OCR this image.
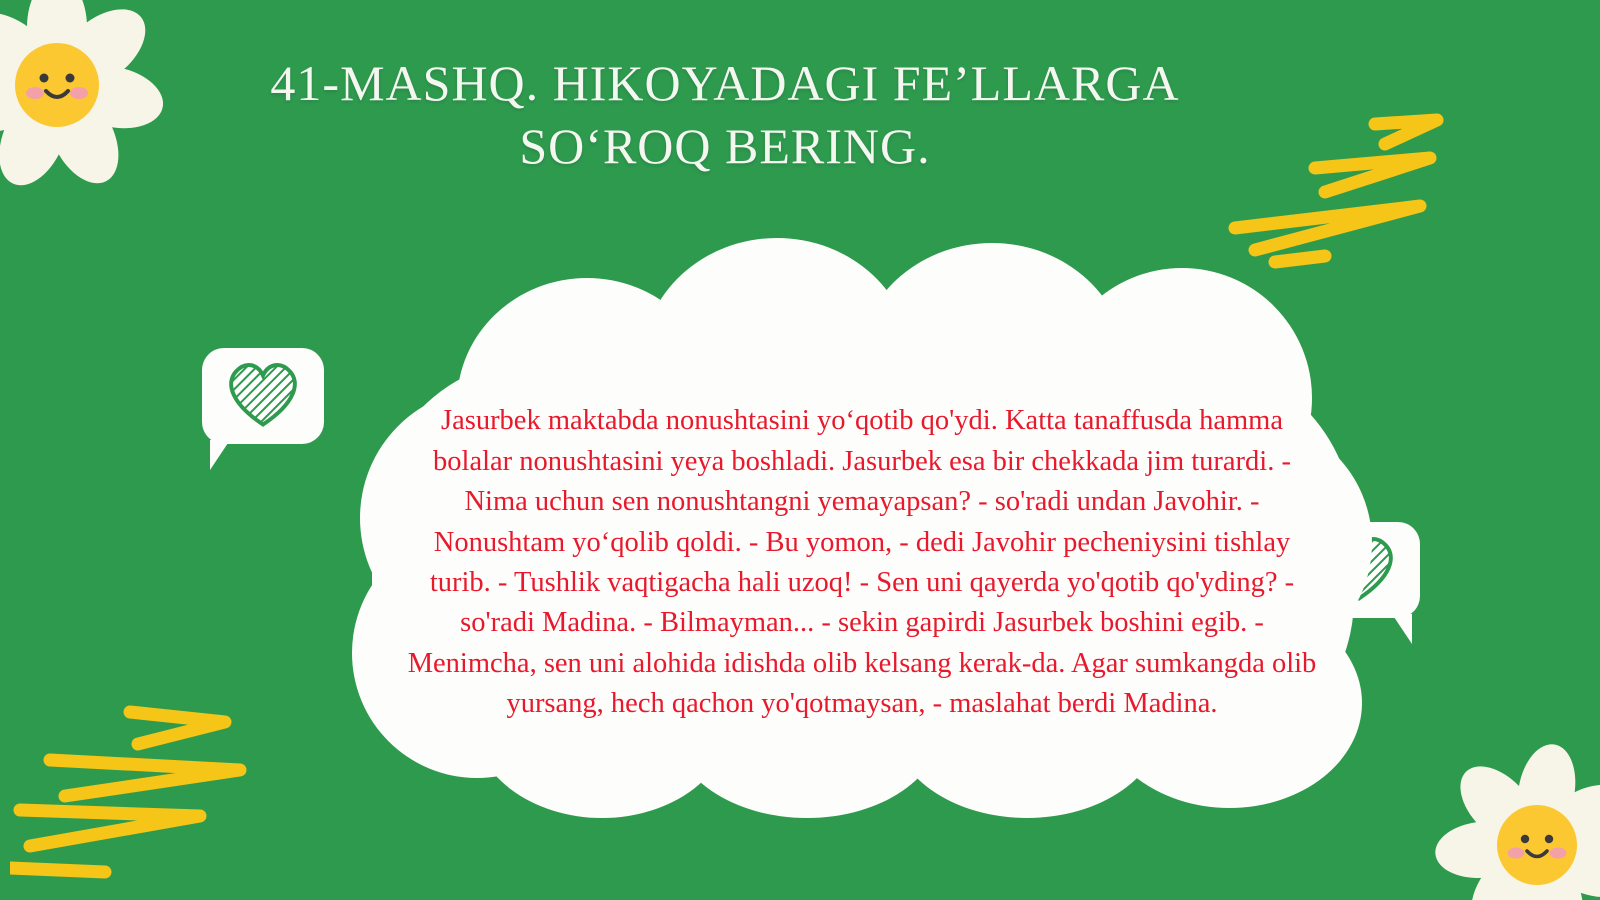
41-MASHQ. HIKOYADAGI FE’LLARGA
SO‘ROQ BERING.
Jasurbek maktabda nonushtasini yo‘qotib qo'ydi. Katta tanaffusda hamma bolalar nonushtasini yeya boshladi. Jasurbek esa bir chekkada jim turardi. - Nima uchun sen nonushtangni yemayapsan? - so'radi undan Javohir. - Nonushtam yo‘qolib qoldi. - Bu yomon, - dedi Javohir pecheniysini tishlay turib. - Tushlik vaqtigacha hali uzoq! - Sen uni qayerda yo'qotib qo'yding? - so'radi Madina. - Bilmayman... - sekin gapirdi Jasurbek boshini egib. - Menimcha, sen uni alohida idishda olib kelsang kerak-da. Agar sumkangda olib yursang, hech qachon yo'qotmaysan, - maslahat berdi Madina.
